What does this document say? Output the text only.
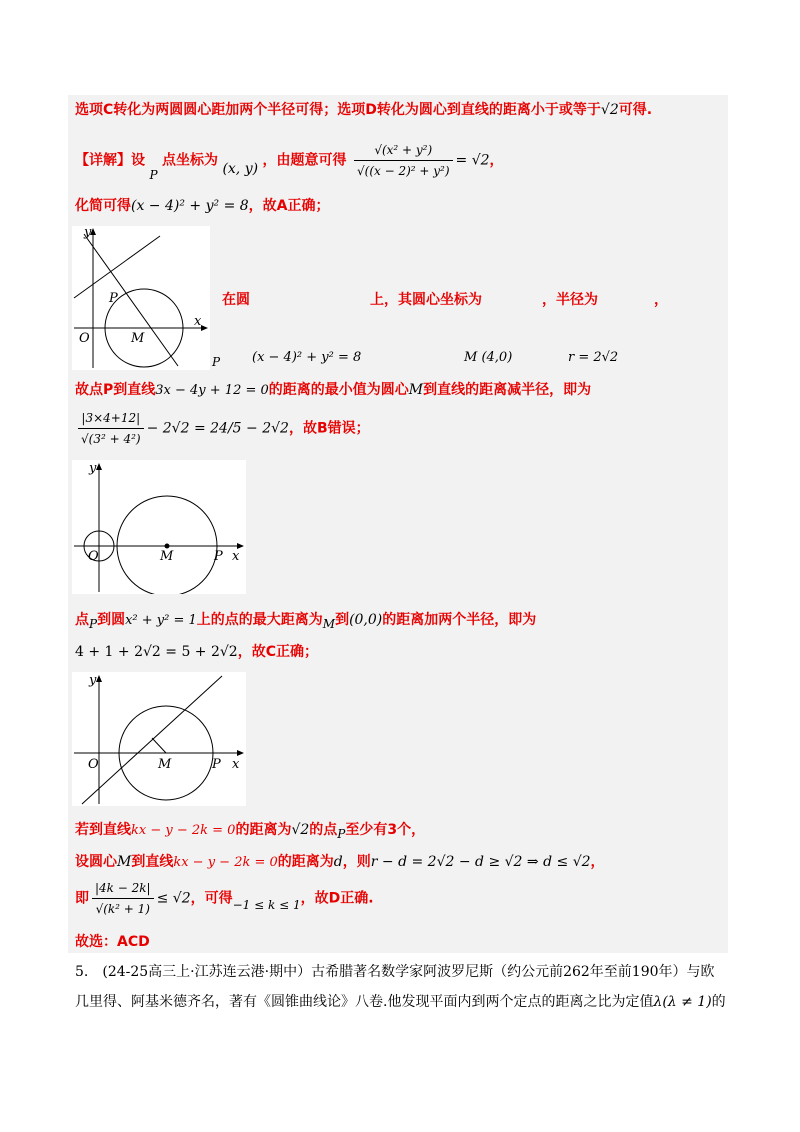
选项C转化为两圆圆心距加两个半径可得；选项D转化为圆心到直线的距离小于或等于√2可得.
【详解】设 P 点坐标为 (x, y) ，由题意可得 $\frac{\text{√(x² + y²)}}{\text{√((x − 2)² + y²)}} = √2$，
化简可得(x − 4)² + y² = 8，故A正确；
x
y
O	M
P	在圆	上，其圆心坐标为	，半径为	，
P (x − 4)² + y² = 8	M (4,0)	r = 2√2
故点P到直线3x − 4y + 12 = 0的距离的最小值为圆心M到直线的距离减半径，即为
$\frac{|3\times 4+12|}{\text{√(3² + 4²)}} - 2√2 = 24/5 - 2√2$，故B错误；
x
y
O	M	P
点P到圆x² + y² = 1上的点的最大距离为M到(0,0)的距离加两个半径，即为
4 + 1 + 2√2 = 5 + 2√2，故C正确；
x
y
O	M	P
若到直线kx − y − 2k = 0的距离为√2的点P至少有3个，
设圆心M到直线kx − y − 2k = 0的距离为d，则r − d = 2√2 − d ≥ √2 ⇒ d ≤ √2，
即 $\frac{|4k - 2k|}{\text{√(k² + 1)}} \le √2$，可得−1 ≤ k ≤ 1，故D正确.
故选：ACD
5.　(24-25高三上·江苏连云港·期中）古希腊著名数学家阿波罗尼斯（约公元前262年至前190年）与欧
几里得、阿基米德齐名，著有《圆锥曲线论》八卷.他发现平面内到两个定点的距离之比为定值λ(λ ≠ 1)的
